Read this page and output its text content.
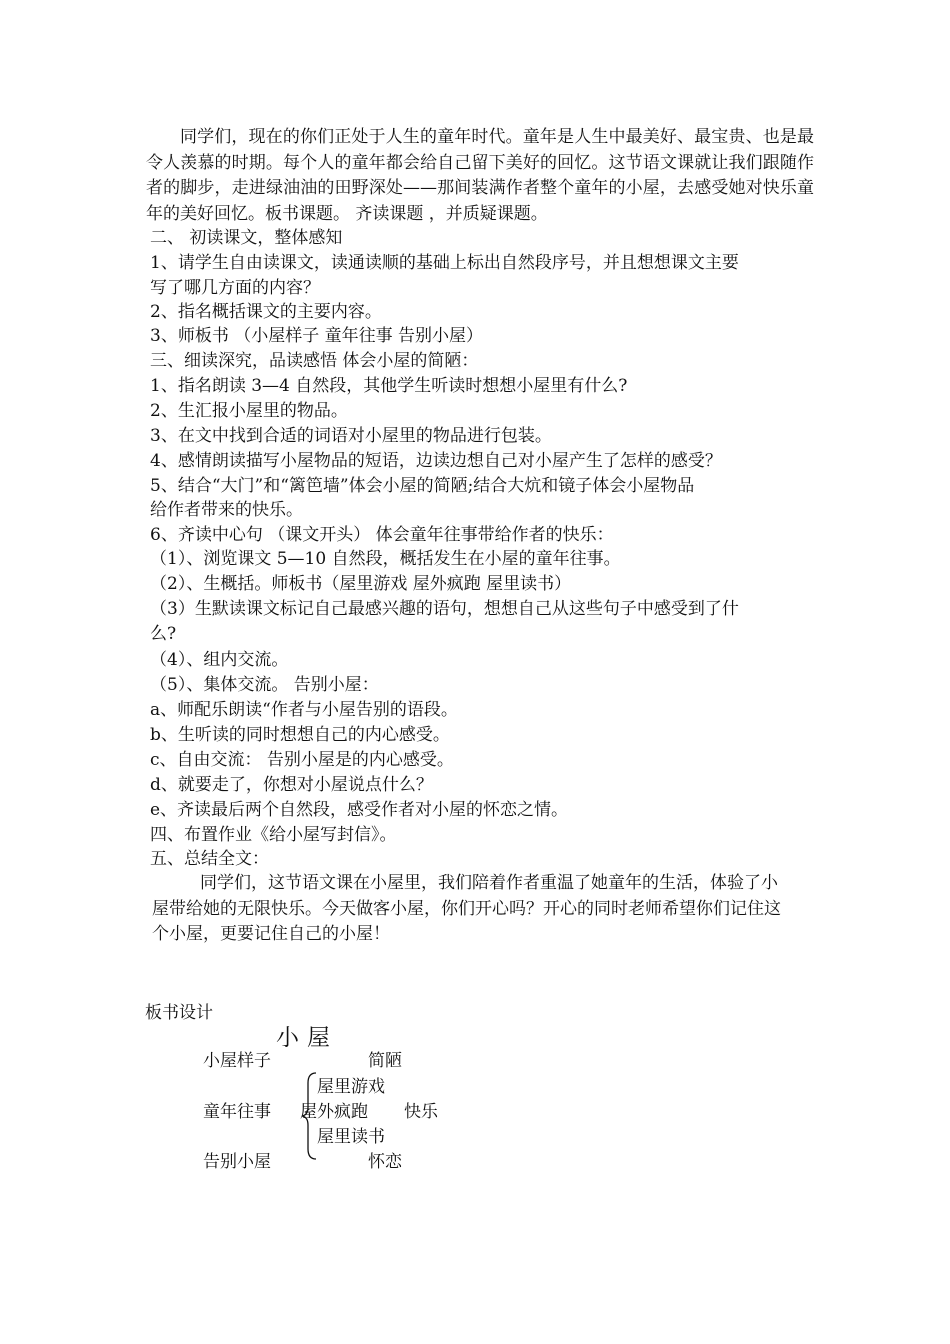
同学们，现在的你们正处于人生的童年时代。童年是人生中最美好、最宝贵、也是最令人羡慕的时期。每个人的童年都会给自己留下美好的回忆。这节语文课就让我们跟随作者的脚步，走进绿油油的田野深处——那间装满作者整个童年的小屋，去感受她对快乐童年的美好回忆。板书课题。 齐读课题 ，并质疑课题。
二、 初读课文，整体感知
1、请学生自由读课文，读通读顺的基础上标出自然段序号，并且想想课文主要
写了哪几方面的内容？
2、指名概括课文的主要内容。
3、师板书 （小屋样子 童年往事 告别小屋）
三、细读深究，品读感悟 体会小屋的简陋：
1、指名朗读 3—4 自然段，其他学生听读时想想小屋里有什么?
2、生汇报小屋里的物品。
3、在文中找到合适的词语对小屋里的物品进行包装。
4、感情朗读描写小屋物品的短语，边读边想自己对小屋产生了怎样的感受？
5、结合“大门”和“篱笆墙”体会小屋的简陋;结合大炕和镜子体会小屋物品
给作者带来的快乐。
6、齐读中心句 （课文开头） 体会童年往事带给作者的快乐：
（1）、浏览课文 5—10 自然段，概括发生在小屋的童年往事。
（2）、生概括。师板书（屋里游戏 屋外疯跑 屋里读书）
（3）生默读课文标记自己最感兴趣的语句，想想自己从这些句子中感受到了什
么?
（4）、组内交流。
（5）、集体交流。 告别小屋：
a、师配乐朗读“作者与小屋告别的语段。
b、生听读的同时想想自己的内心感受。
c、自由交流： 告别小屋是的内心感受。
d、就要走了，你想对小屋说点什么？
e、齐读最后两个自然段，感受作者对小屋的怀恋之情。
四、布置作业《给小屋写封信》。
五、总结全文：
同学们，这节语文课在小屋里，我们陪着作者重温了她童年的生活，体验了小屋带给她的无限快乐。今天做客小屋，你们开心吗？开心的同时老师希望你们记住这个小屋，更要记住自己的小屋！
板书设计
小屋
小屋样子	简陋
屋里游戏
童年往事 屋外疯跑 快乐
屋里读书
告别小屋	怀恋
